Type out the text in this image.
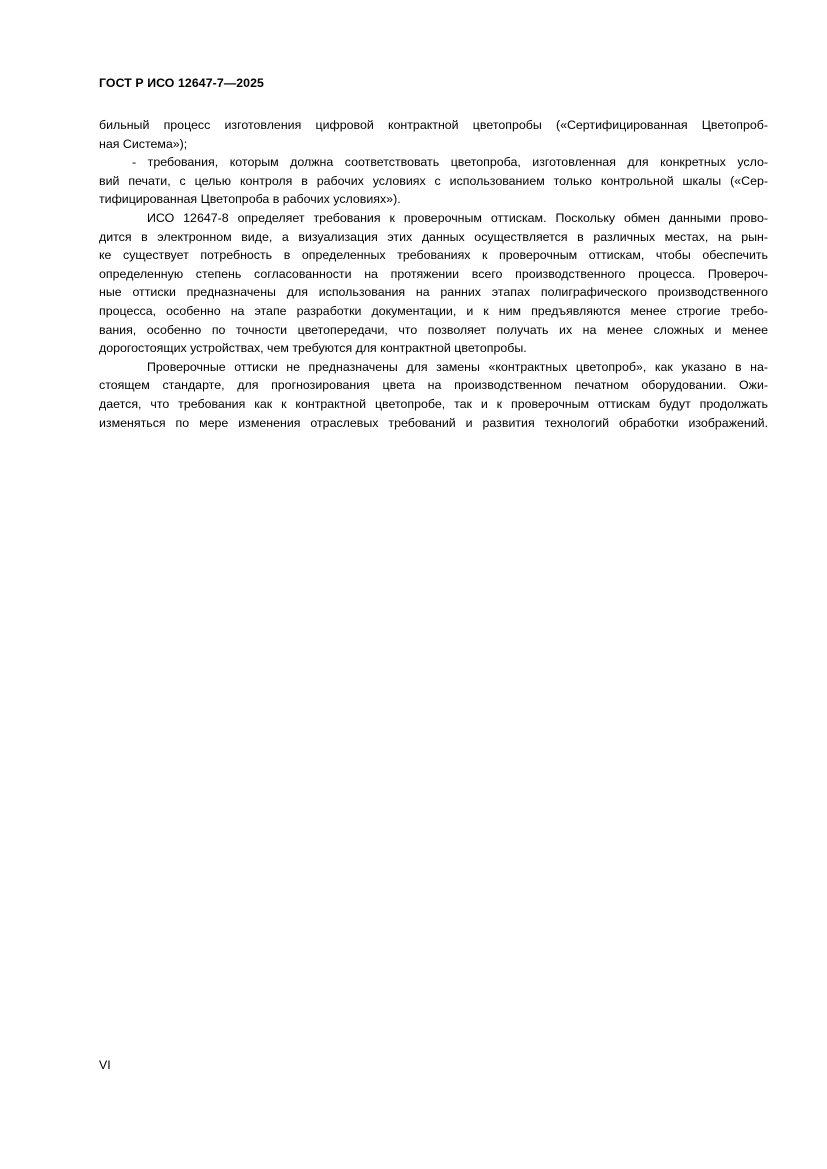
ГОСТ Р ИСО 12647-7—2025
бильный процесс изготовления цифровой контрактной цветопробы («Сертифицированная Цветопроб-
ная Система»);
- требования, которым должна соответствовать цветопроба, изготовленная для конкретных усло-
вий печати, с целью контроля в рабочих условиях с использованием только контрольной шкалы («Сер-
тифицированная Цветопроба в рабочих условиях»).
ИСО 12647-8 определяет требования к проверочным оттискам. Поскольку обмен данными прово-
дится в электронном виде, а визуализация этих данных осуществляется в различных местах, на рын-
ке существует потребность в определенных требованиях к проверочным оттискам, чтобы обеспечить
определенную степень согласованности на протяжении всего производственного процесса. Провероч-
ные оттиски предназначены для использования на ранних этапах полиграфического производственного
процесса, особенно на этапе разработки документации, и к ним предъявляются менее строгие требо-
вания, особенно по точности цветопередачи, что позволяет получать их на менее сложных и менее
дорогостоящих устройствах, чем требуются для контрактной цветопробы.
Проверочные оттиски не предназначены для замены «контрактных цветопроб», как указано в на-
стоящем стандарте, для прогнозирования цвета на производственном печатном оборудовании. Ожи-
дается, что требования как к контрактной цветопробе, так и к проверочным оттискам будут продолжать
изменяться по мере изменения отраслевых требований и развития технологий обработки изображений.
VI
